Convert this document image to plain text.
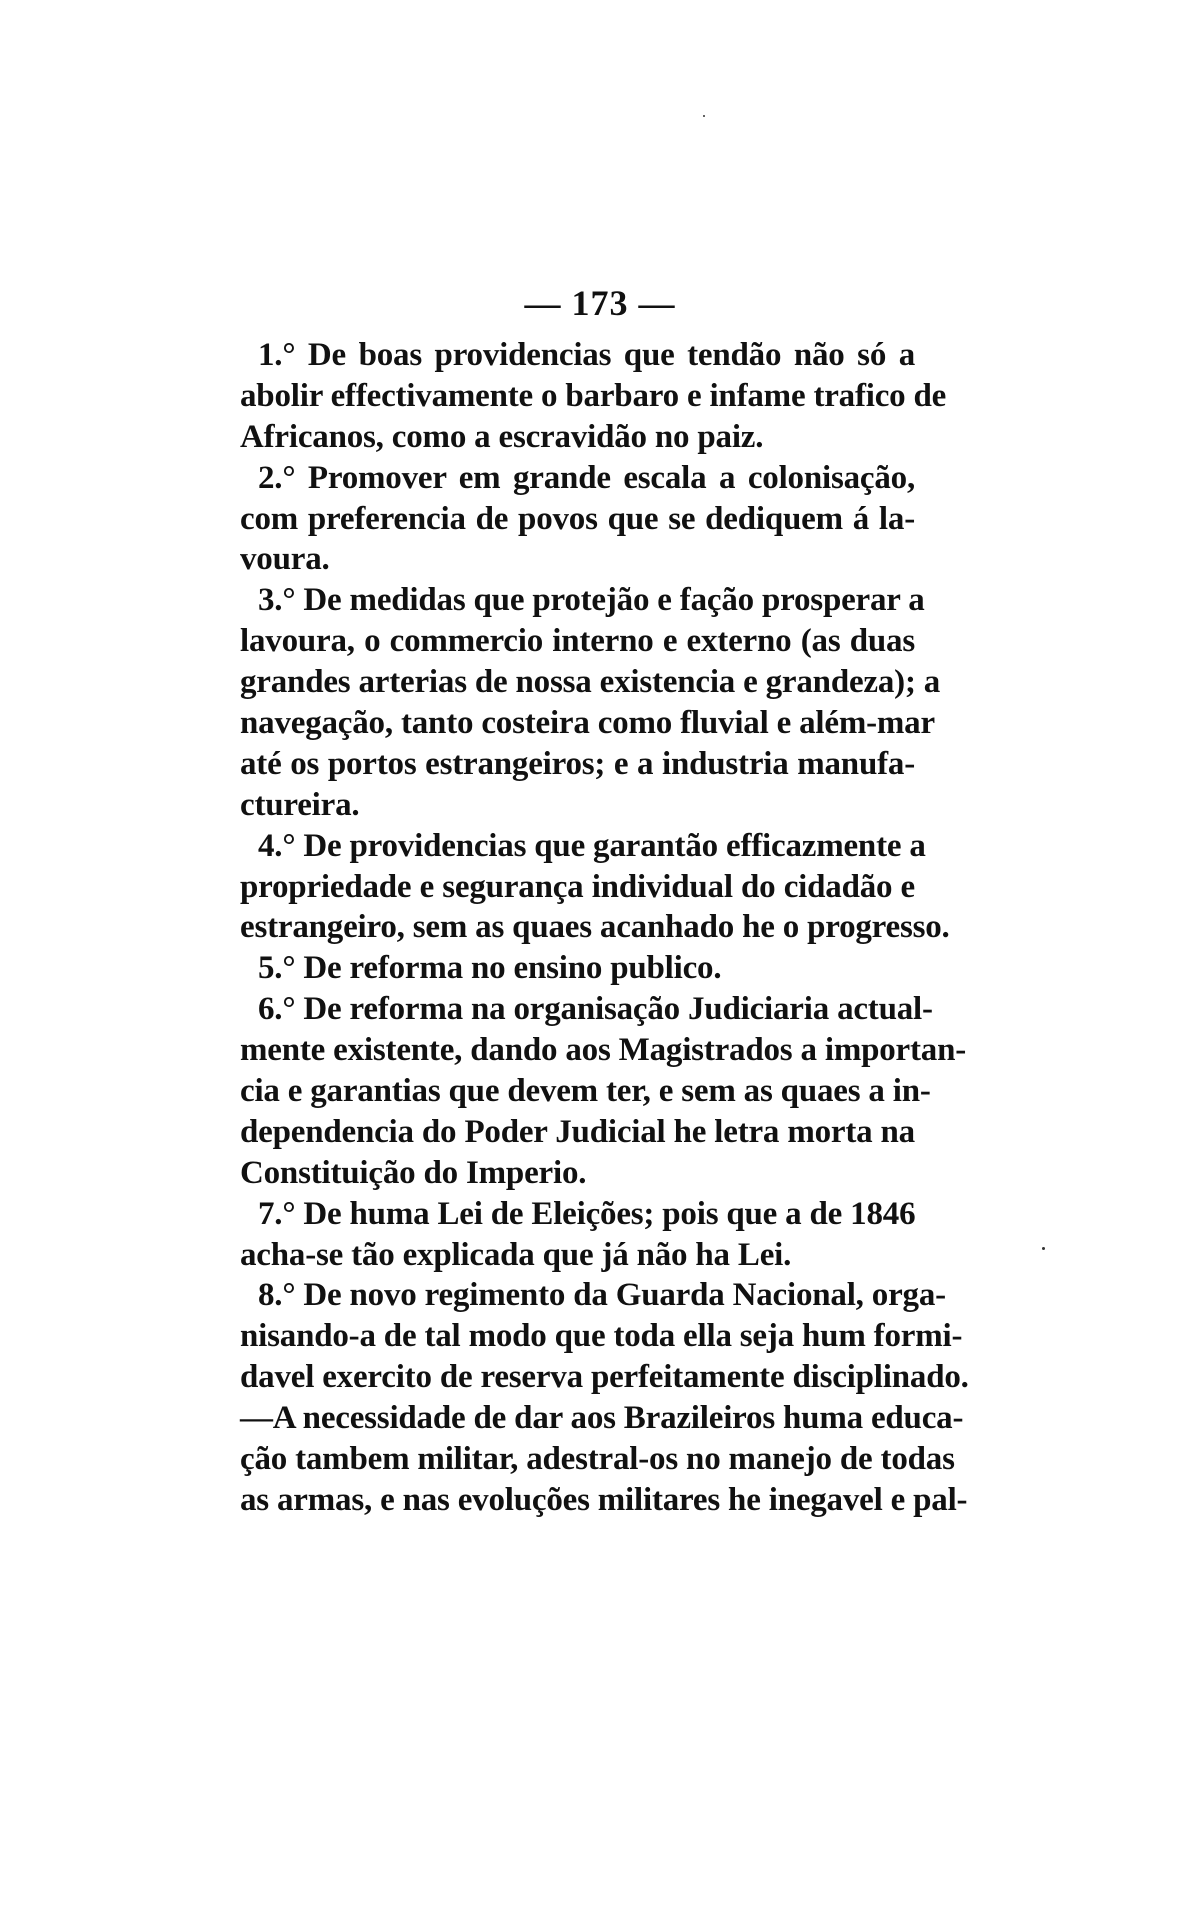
— 173 —
1.° De boas providencias que tendão não só a
abolir effectivamente o barbaro e infame trafico de
Africanos, como a escravidão no paiz.
2.° Promover em grande escala a colonisação,
com preferencia de povos que se dediquem á la-
voura.
3.° De medidas que protejão e fação prosperar a
lavoura, o commercio interno e externo (as duas
grandes arterias de nossa existencia e grandeza); a
navegação, tanto costeira como fluvial e além-mar
até os portos estrangeiros; e a industria manufa-
ctureira.
4.° De providencias que garantão efficazmente a
propriedade e segurança individual do cidadão e
estrangeiro, sem as quaes acanhado he o progresso.
5.° De reforma no ensino publico.
6.° De reforma na organisação Judiciaria actual-
mente existente, dando aos Magistrados a importan-
cia e garantias que devem ter, e sem as quaes a in-
dependencia do Poder Judicial he letra morta na
Constituição do Imperio.
7.° De huma Lei de Eleições; pois que a de 1846
acha-se tão explicada que já não ha Lei.
8.° De novo regimento da Guarda Nacional, orga-
nisando-a de tal modo que toda ella seja hum formi-
davel exercito de reserva perfeitamente disciplinado.
—A necessidade de dar aos Brazileiros huma educa-
ção tambem militar, adestral-os no manejo de todas
as armas, e nas evoluções militares he inegavel e pal-
